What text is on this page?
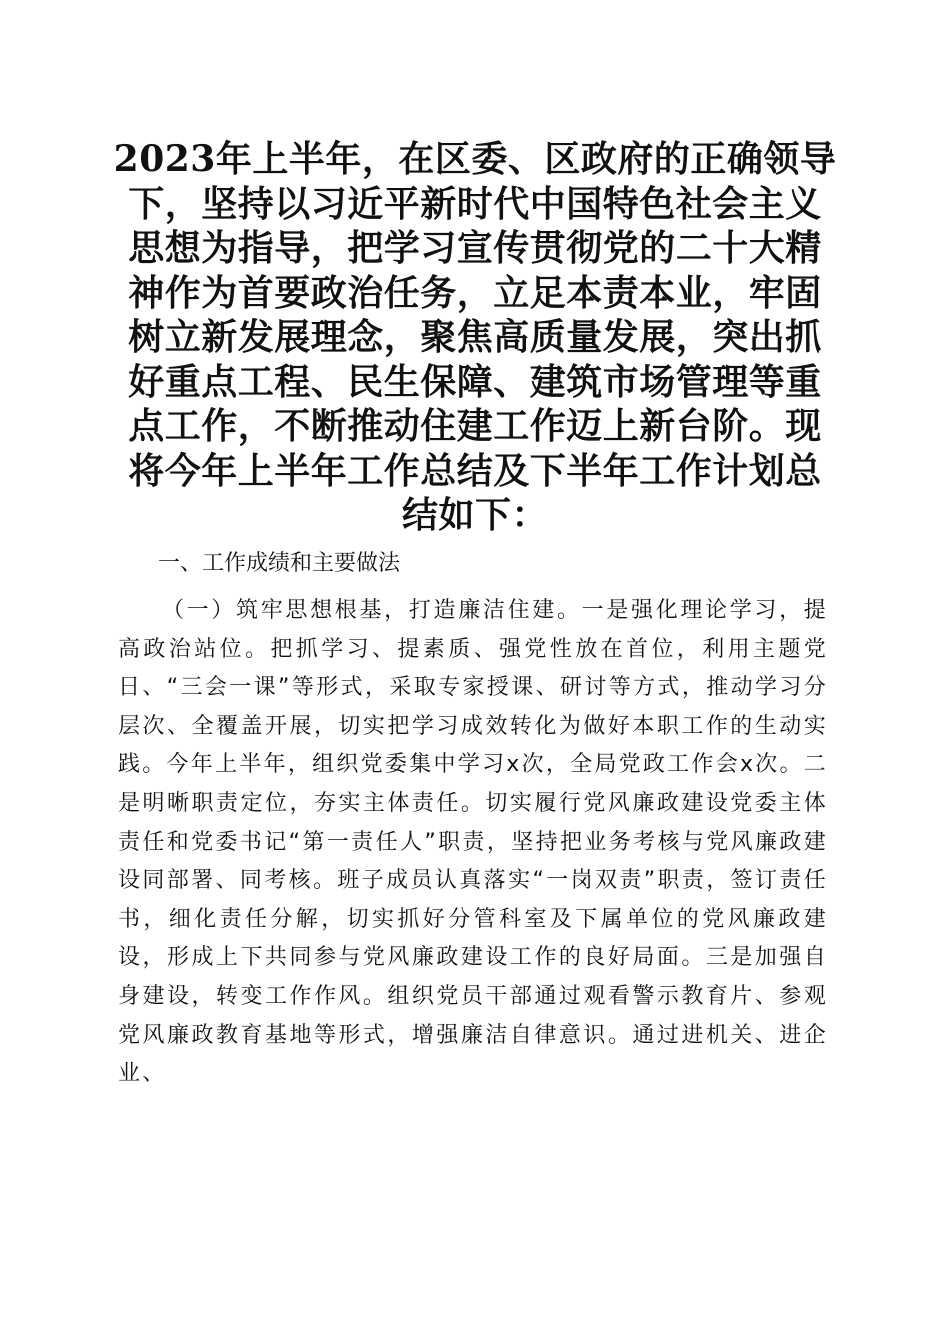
2023年上半年，在区委、区政府的正确领导下，坚持以习近平新时代中国特色社会主义思想为指导，把学习宣传贯彻党的二十大精神作为首要政治任务，立足本责本业，牢固树立新发展理念，聚焦高质量发展，突出抓好重点工程、民生保障、建筑市场管理等重点工作，不断推动住建工作迈上新台阶。现将今年上半年工作总结及下半年工作计划总结如下：

一、工作成绩和主要做法

（一）筑牢思想根基，打造廉洁住建。一是强化理论学习，提高政治站位。把抓学习、提素质、强党性放在首位，利用主题党日、“三会一课”等形式，采取专家授课、研讨等方式，推动学习分层次、全覆盖开展，切实把学习成效转化为做好本职工作的生动实践。今年上半年，组织党委集中学习x次，全局党政工作会x次。二是明晰职责定位，夯实主体责任。切实履行党风廉政建设党委主体责任和党委书记“第一责任人”职责，坚持把业务考核与党风廉政建设同部署、同考核。班子成员认真落实“一岗双责”职责，签订责任书，细化责任分解，切实抓好分管科室及下属单位的党风廉政建设，形成上下共同参与党风廉政建设工作的良好局面。三是加强自身建设，转变工作作风。组织党员干部通过观看警示教育片、参观党风廉政教育基地等形式，增强廉洁自律意识。通过进机关、进企业、
